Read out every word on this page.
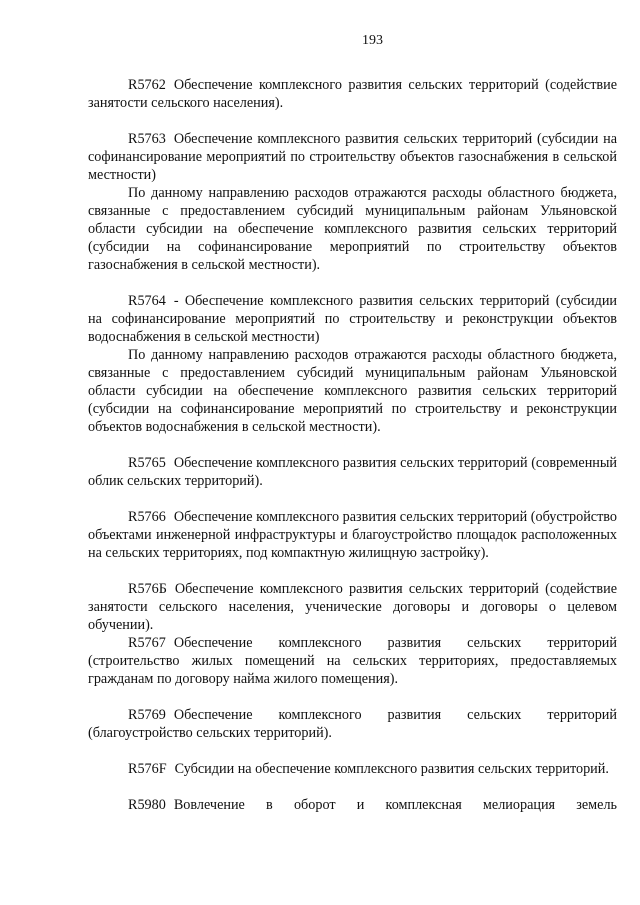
193

R5762 Обеспечение комплексного развития сельских территорий (содействие занятости сельского населения).

R5763 Обеспечение комплексного развития сельских территорий (субсидии на софинансирование мероприятий по строительству объектов газоснабжения в сельской местности)

По данному направлению расходов отражаются расходы областного бюджета, связанные с предоставлением субсидий муниципальным районам Ульяновской области субсидии на обеспечение комплексного развития сельских территорий (субсидии на софинансирование мероприятий по строительству объектов газоснабжения в сельской местности).

R5764 - Обеспечение комплексного развития сельских территорий (субсидии на софинансирование мероприятий по строительству и реконструкции объектов водоснабжения в сельской местности)

По данному направлению расходов отражаются расходы областного бюджета, связанные с предоставлением субсидий муниципальным районам Ульяновской области субсидии на обеспечение комплексного развития сельских территорий (субсидии на софинансирование мероприятий по строительству и реконструкции объектов водоснабжения в сельской местности).

R5765 Обеспечение комплексного развития сельских территорий (современный облик сельских территорий).

R5766 Обеспечение комплексного развития сельских территорий (обустройство объектами инженерной инфраструктуры и благоустройство площадок расположенных на сельских территориях, под компактную жилищную застройку).

R576Б Обеспечение комплексного развития сельских территорий (содействие занятости сельского населения, ученические договоры и договоры о целевом обучении).

R5767 Обеспечение комплексного развития сельских территорий (строительство жилых помещений на сельских территориях, предоставляемых гражданам по договору найма жилого помещения).

R5769 Обеспечение комплексного развития сельских территорий (благоустройство сельских территорий).

R576F Субсидии на обеспечение комплексного развития сельских территорий.

R5980 Вовлечение в оборот и комплексная мелиорация земель
